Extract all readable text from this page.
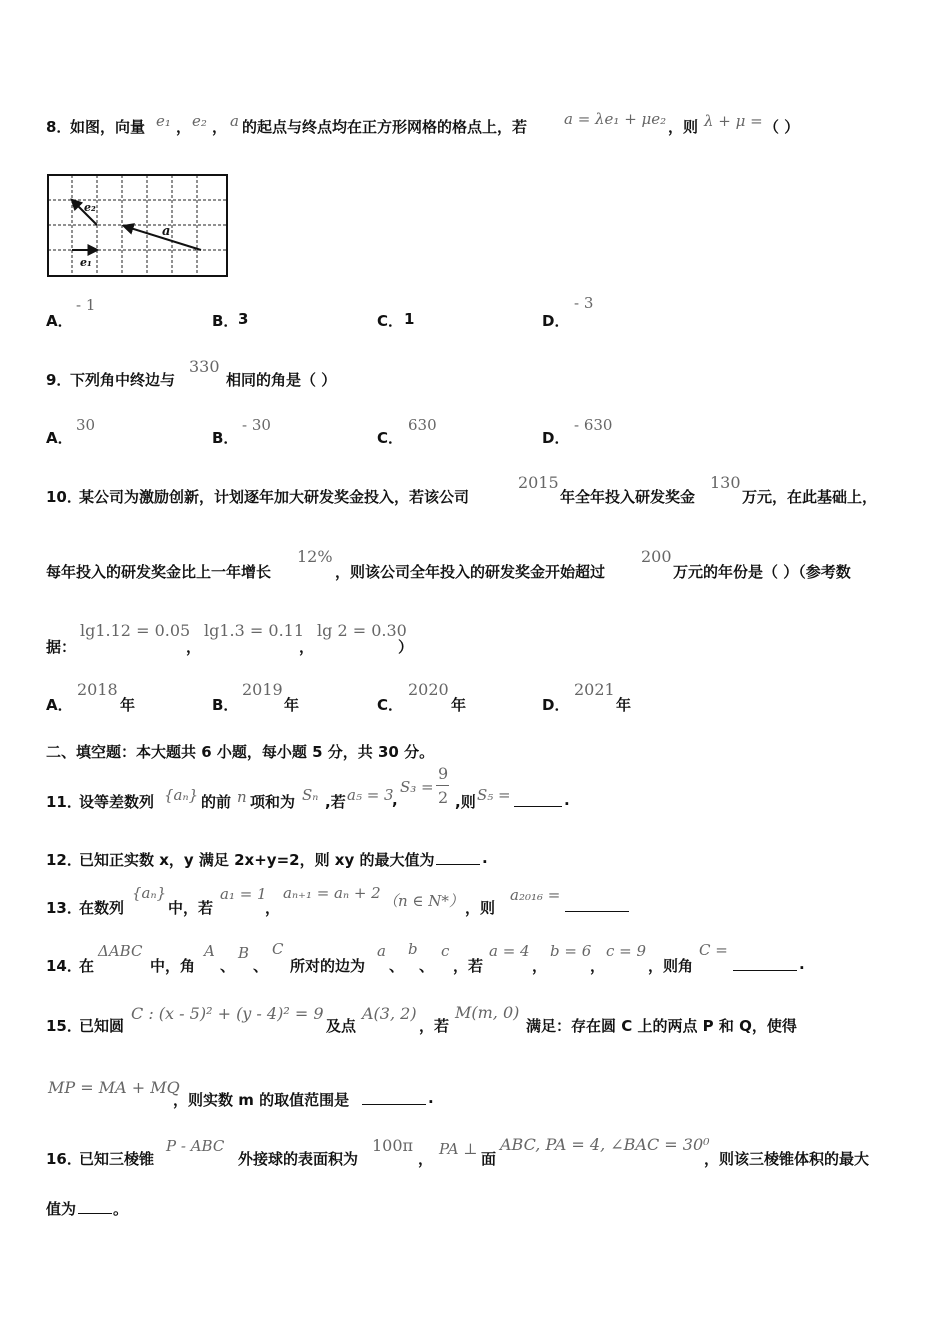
8．
如图，向量 e₁ ， e₂ ， a 的起点与终点均在正方形网格的格点上，若 a = λe₁ + μe₂ ，则 λ + μ = （ ）
e₁
e₂
a
A．
- 1
B． 3	C． 1	D．
- 3
9．
下列角中终边与
330
相同的角是（ ）
A．
30
B．
- 30
C．
630
D．
- 630
10．
某公司为激励创新，计划逐年加大研发奖金投入，若该公司
2015
年全年投入研发奖金
130
万元，在此基础上，
每年投入的研发奖金比上一年增长
12%
，则该公司全年投入的研发奖金开始超过
200
万元的年份是（ ）（参考数
据：
lg1.12 = 0.05
，
lg1.3 = 0.11
，
lg 2 = 0.30
）
A．
2018
年	B．
2019
年	C．
2020
年	D．
2021
年
二、填空题：本大题共 6 小题，每小题 5 分，共 30 分。
11．
设等差数列 {aₙ} 的前 n 项和为 Sₙ ,若 a₅ = 3
,
S₃ =
9
2 ,则 S₅ =	.
12．
已知正实数 x，y 满足 2x+y=2，则 xy 的最大值为	.
13．
在数列
{aₙ}
中，若
a₁ = 1
，
aₙ₊₁ = aₙ + 2 （n ∈ N*） ，则
a₂₀₁₆ =
14．
在
ΔABC
中，角
A
、
B
、
C
所对的边为
a
、
b
、
c
，若
a = 4
，
b = 6
，
c = 9
，则角
C =
.
15．
已知圆
C : (x - 5)² + (y - 4)² = 9
及点
A(3, 2)
，若
M(m, 0)
满足：存在圆 C 上的两点 P 和 Q，使得
MP = MA + MQ
，则实数 m 的取值范围是	.
16．
已知三棱锥
P - ABC
外接球的表面积为
100π
，
PA ⊥
面
ABC, PA = 4, ∠BAC = 30⁰
，则该三棱锥体积的最大
值为 。
